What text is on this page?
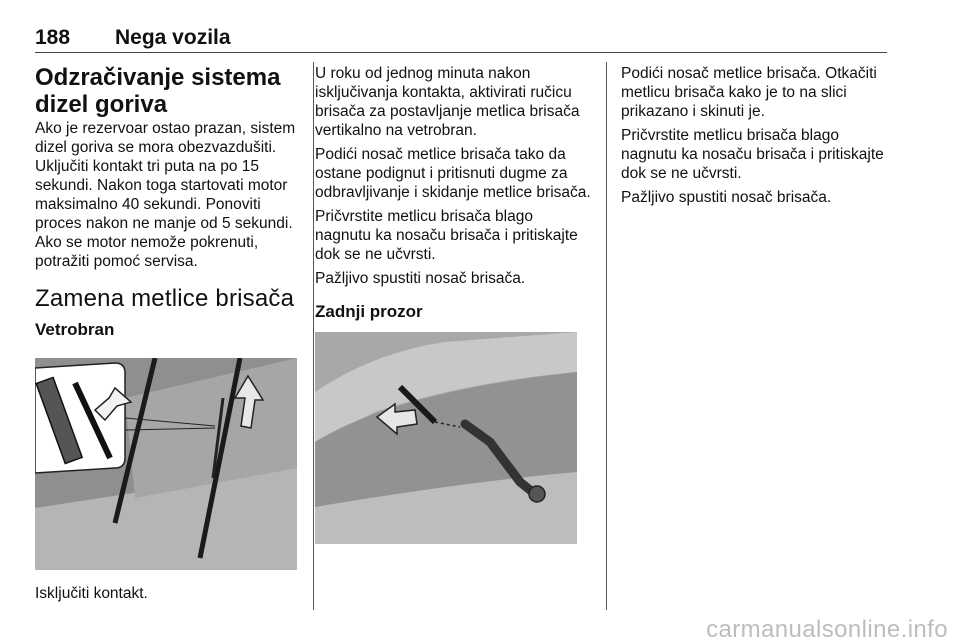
188 Nega vozila
Odzračivanje sistema dizel goriva

Ako je rezervoar ostao prazan, sistem dizel goriva se mora obezvazdušiti. Uključiti kontakt tri puta na po 15 sekundi. Nakon toga startovati motor maksimalno 40 sekundi. Ponoviti proces nakon ne manje od 5 sekundi. Ako se motor nemože pokrenuti, potražiti pomoć servisa.

Zamena metlice brisača
Vetrobran

Isključiti kontakt.

U roku od jednog minuta nakon isključivanja kontakta, aktivirati ručicu brisača za postavljanje metlica brisača vertikalno na vetrobran.

Podići nosač metlice brisača tako da ostane podignut i pritisnuti dugme za odbravljivanje i skidanje metlice brisača.

Pričvrstite metlicu brisača blago nagnutu ka nosaču brisača i pritiskajte dok se ne učvrsti.

Pažljivo spustiti nosač brisača.

Zadnji prozor

Podići nosač metlice brisača. Otkačiti metlicu brisača kako je to na slici prikazano i skinuti je.

Pričvrstite metlicu brisača blago nagnutu ka nosaču brisača i pritiskajte dok se ne učvrsti.

Pažljivo spustiti nosač brisača.

carmanualsonline.info
